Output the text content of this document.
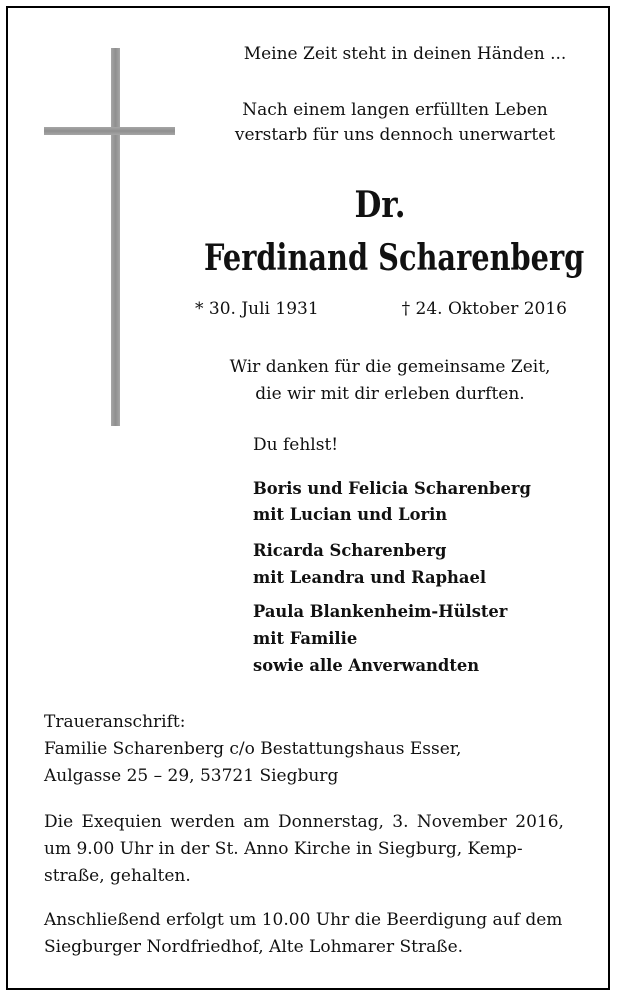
Meine Zeit steht in deinen Händen ...
Nach einem langen erfüllten Leben
verstarb für uns dennoch unerwartet
Dr.
Ferdinand Scharenberg
* 30. Juli 1931	† 24. Oktober 2016
Wir danken für die gemeinsame Zeit,
die wir mit dir erleben durften.
Du fehlst!
Boris und Felicia Scharenberg
mit Lucian und Lorin
Ricarda Scharenberg
mit Leandra und Raphael
Paula Blankenheim-Hülster
mit Familie
sowie alle Anverwandten
Traueranschrift:
Familie Scharenberg c/o Bestattungshaus Esser,
Aulgasse 25 – 29, 53721 Siegburg
Die Exequien werden am Donnerstag, 3. November 2016,
um 9.00 Uhr in der St. Anno Kirche in Siegburg, Kemp-
straße, gehalten.
Anschließend erfolgt um 10.00 Uhr die Beerdigung auf dem
Siegburger Nordfriedhof, Alte Lohmarer Straße.
